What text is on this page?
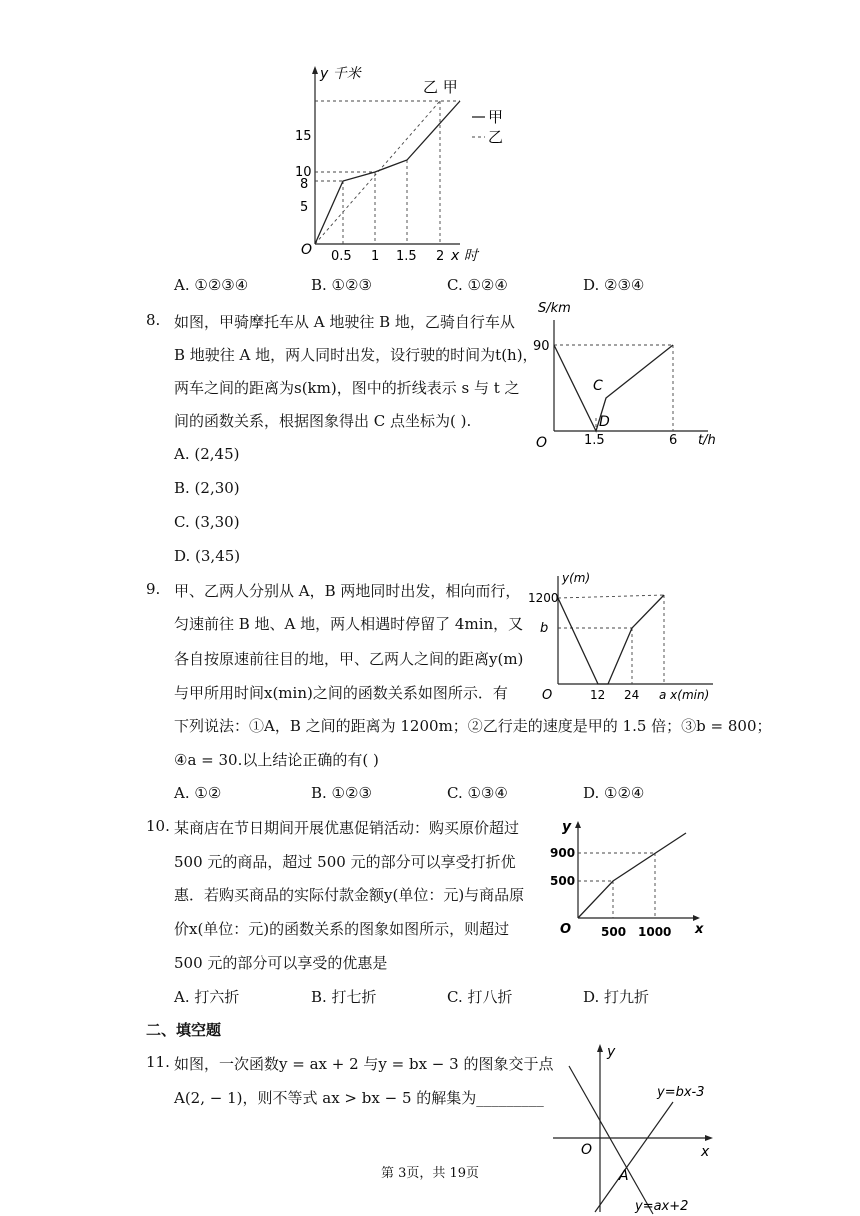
y 千米
乙 甲
甲
乙
15
10
8
5
O 0.5 1 1.5 2 x 时
A. ①②③④	B. ①②③	C. ①②④	D. ②③④
8. 如图，甲骑摩托车从 A 地驶往 B 地，乙骑自行车从
B 地驶往 A 地，两人同时出发，设行驶的时间为t(h)，
两车之间的距离为s(km)，图中的折线表示 s 与 t 之
间的函数关系，根据图象得出 C 点坐标为( ).
A. (2,45)
B. (2,30)
C. (3,30)
D. (3,45)
S/km
90
C
D
O	1.5	6 t/h
9. 甲、乙两人分别从 A，B 两地同时出发，相向而行，
匀速前往 B 地、A 地，两人相遇时停留了 4min，又
各自按原速前往目的地，甲、乙两人之间的距离y(m)
与甲所用时间x(min)之间的函数关系如图所示．有
下列说法：①A，B 之间的距离为 1200m；②乙行走的速度是甲的 1.5 倍；③b = 800；
④a = 30.以上结论正确的有( )
A. ①②	B. ①②③	C. ①③④	D. ①②④
y(m)
1200
b
O	12 24 a x(min)
10. 某商店在节日期间开展优惠促销活动：购买原价超过
500 元的商品，超过 500 元的部分可以享受打折优
惠．若购买商品的实际付款金额y(单位：元)与商品原
价x(单位：元)的函数关系的图象如图所示，则超过
500 元的部分可以享受的优惠是
A. 打六折	B. 打七折	C. 打八折	D. 打九折
y
900
500
O 500 1000 x
二、填空题
11. 如图，一次函数y = ax + 2 与y = bx − 3 的图象交于点
A(2, − 1)，则不等式 ax > bx − 5 的解集为_________
y
O	x
A
y=bx-3
y=ax+2
第 3页，共 19页
